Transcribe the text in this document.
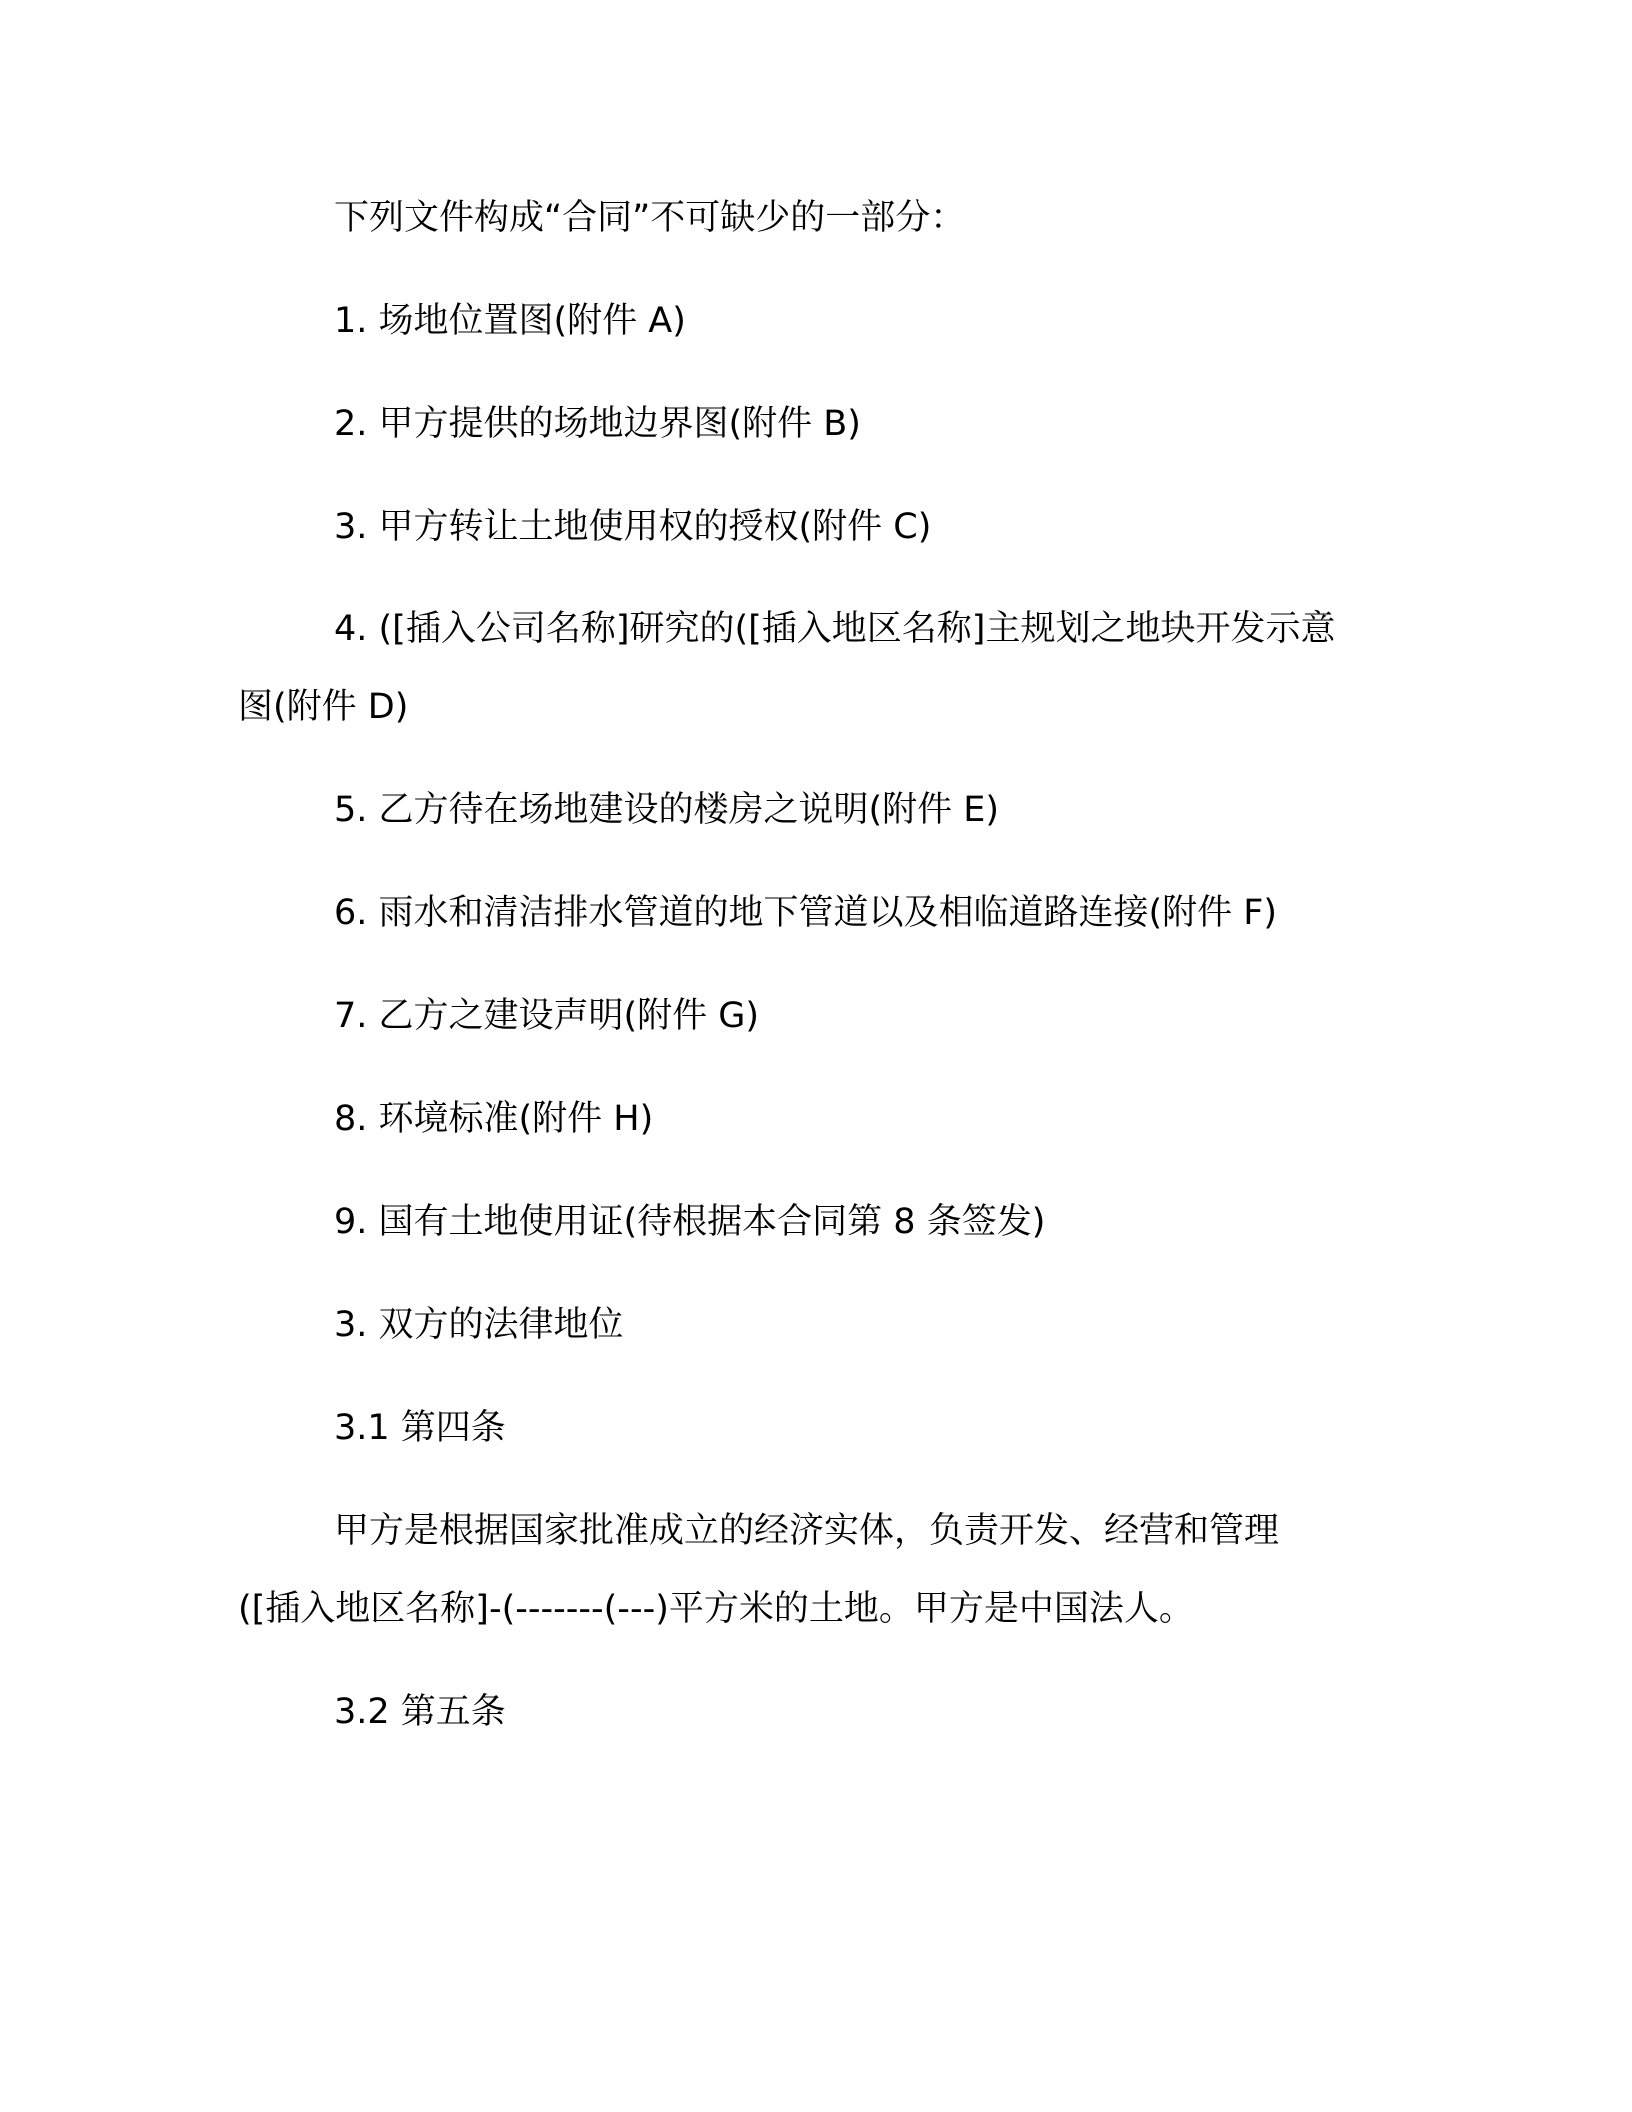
下列文件构成“合同”不可缺少的一部分：

1. 场地位置图(附件 A)

2. 甲方提供的场地边界图(附件 B)

3. 甲方转让土地使用权的授权(附件 C)

4. ([插入公司名称]研究的([插入地区名称]主规划之地块开发示意

图(附件 D)

5. 乙方待在场地建设的楼房之说明(附件 E)

6. 雨水和清洁排水管道的地下管道以及相临道路连接(附件 F)

7. 乙方之建设声明(附件 G)

8. 环境标准(附件 H)

9. 国有土地使用证(待根据本合同第 8 条签发)

3. 双方的法律地位

3.1 第四条

甲方是根据国家批准成立的经济实体，负责开发、经营和管理

([插入地区名称]-(-------(---)平方米的土地。甲方是中国法人。

3.2 第五条
